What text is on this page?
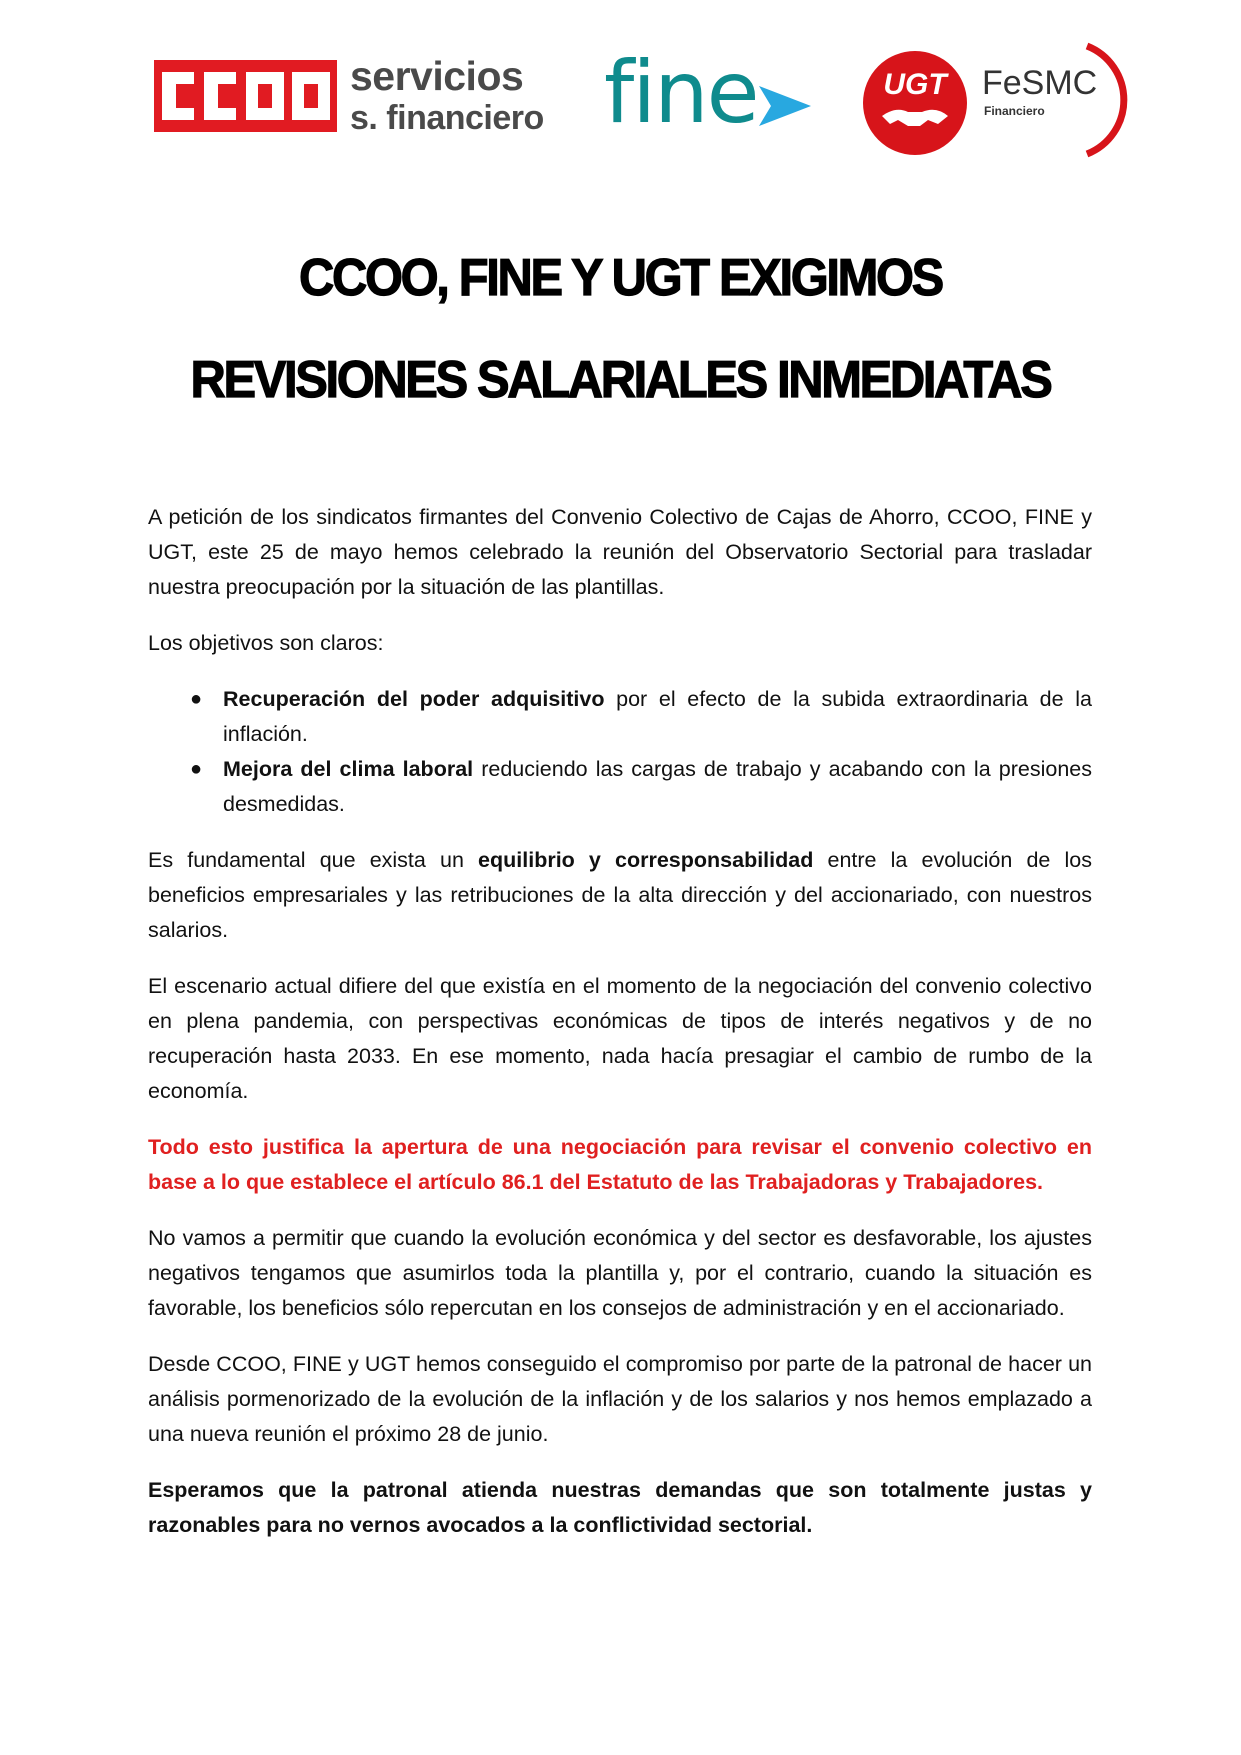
servicios
s. financiero fine	UGT FeSMC
Financiero
CCOO, FINE Y UGT EXIGIMOS
REVISIONES SALARIALES INMEDIATAS

A petición de los sindicatos firmantes del Convenio Colectivo de Cajas de Ahorro, CCOO, FINE y UGT, este 25 de mayo hemos celebrado la reunión del Observatorio Sectorial para trasladar nuestra preocupación por la situación de las plantillas.

Los objetivos son claros:

● Recuperación del poder adquisitivo por el efecto de la subida extraordinaria de la inflación.
● Mejora del clima laboral reduciendo las cargas de trabajo y acabando con la presiones desmedidas.

Es fundamental que exista un equilibrio y corresponsabilidad entre la evolución de los beneficios empresariales y las retribuciones de la alta dirección y del accionariado, con nuestros salarios.

El escenario actual difiere del que existía en el momento de la negociación del convenio colectivo en plena pandemia, con perspectivas económicas de tipos de interés negativos y de no recuperación hasta 2033. En ese momento, nada hacía presagiar el cambio de rumbo de la economía.

Todo esto justifica la apertura de una negociación para revisar el convenio colectivo en base a lo que establece el artículo 86.1 del Estatuto de las Trabajadoras y Trabajadores.

No vamos a permitir que cuando la evolución económica y del sector es desfavorable, los ajustes negativos tengamos que asumirlos toda la plantilla y, por el contrario, cuando la situación es favorable, los beneficios sólo repercutan en los consejos de administración y en el accionariado.

Desde CCOO, FINE y UGT hemos conseguido el compromiso por parte de la patronal de hacer un análisis pormenorizado de la evolución de la inflación y de los salarios y nos hemos emplazado a una nueva reunión el próximo 28 de junio.

Esperamos que la patronal atienda nuestras demandas que son totalmente justas y razonables para no vernos avocados a la conflictividad sectorial.
